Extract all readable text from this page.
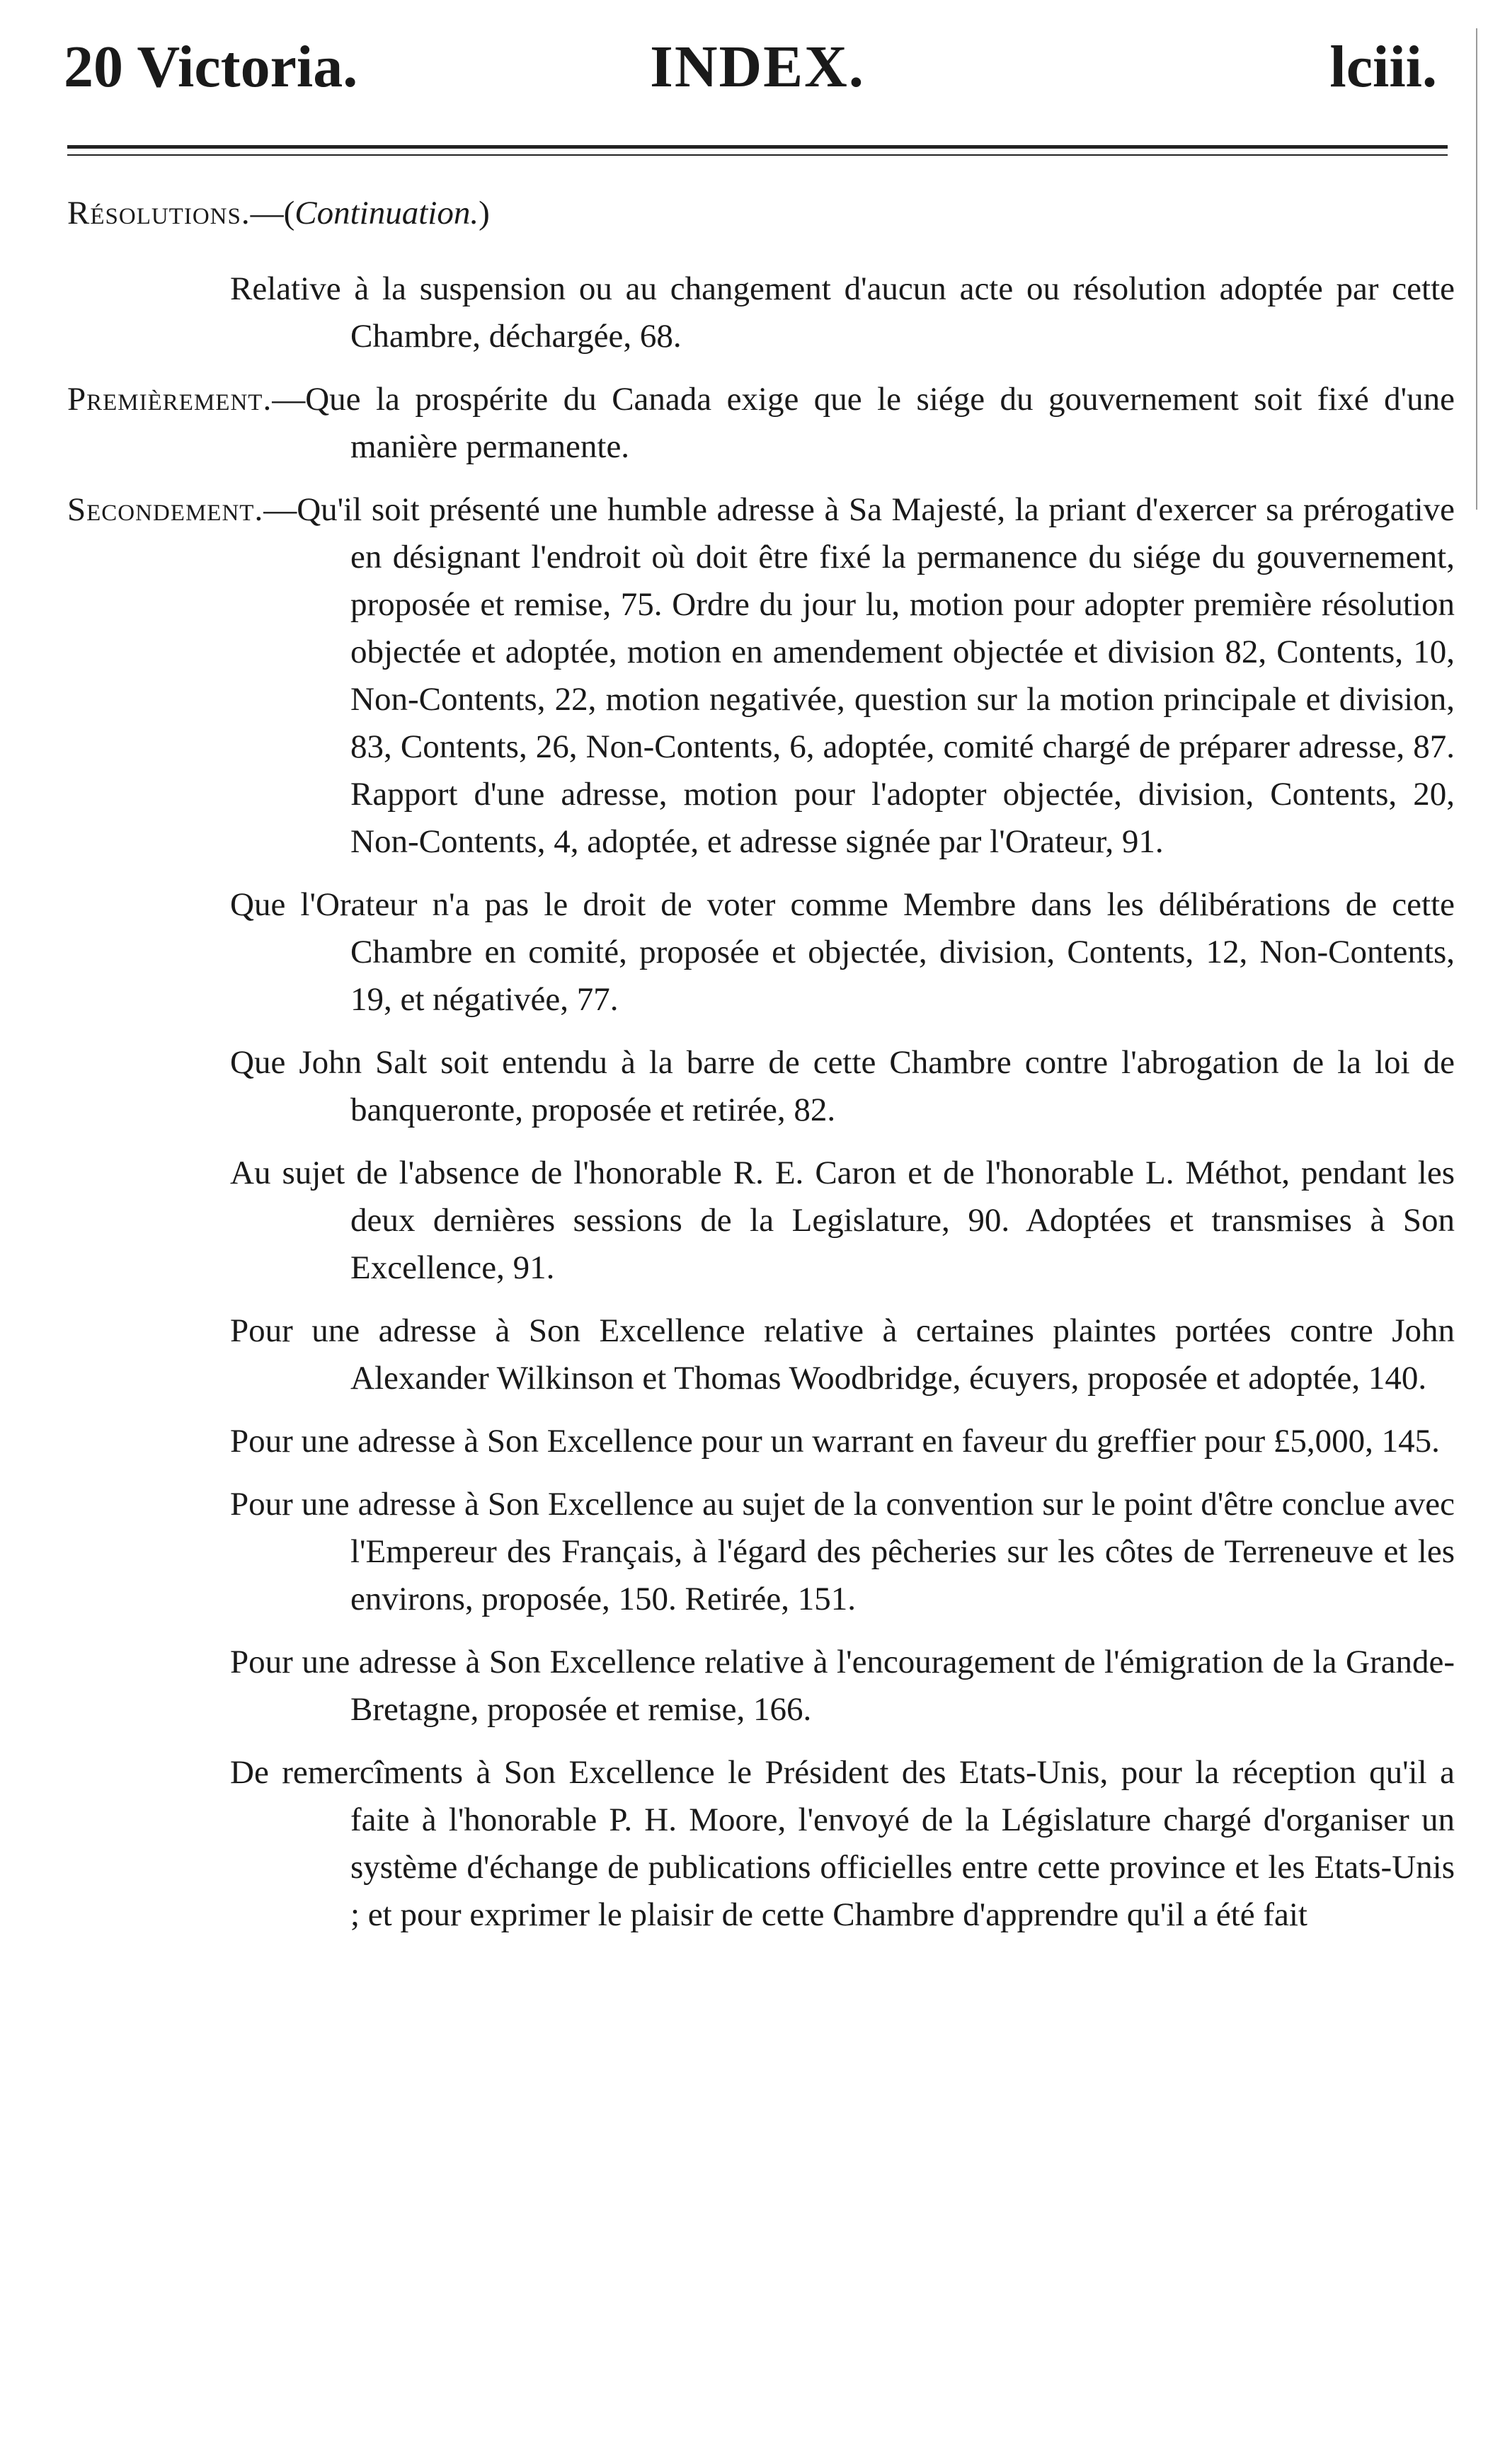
20 Victoria.	INDEX.	lciii.
Résolutions.—(Continuation.)
Relative à la suspension ou au changement d'aucun acte ou résolution adoptée par cette Chambre, déchargée, 68.
Premièrement.—Que la prospérite du Canada exige que le siége du gouvernement soit fixé d'une manière permanente.
Secondement.—Qu'il soit présenté une humble adresse à Sa Majesté, la priant d'exercer sa prérogative en désignant l'endroit où doit être fixé la permanence du siége du gouvernement, proposée et remise, 75. Ordre du jour lu, motion pour adopter première résolution objectée et adoptée, motion en amendement objectée et division 82, Contents, 10, Non-Contents, 22, motion negativée, question sur la motion principale et division, 83, Contents, 26, Non-Contents, 6, adoptée, comité chargé de préparer adresse, 87. Rapport d'une adresse, motion pour l'adopter objectée, division, Contents, 20, Non-Contents, 4, adoptée, et adresse signée par l'Orateur, 91.
Que l'Orateur n'a pas le droit de voter comme Membre dans les délibérations de cette Chambre en comité, proposée et objectée, division, Contents, 12, Non-Contents, 19, et négativée, 77.
Que John Salt soit entendu à la barre de cette Chambre contre l'abrogation de la loi de banqueronte, proposée et retirée, 82.
Au sujet de l'absence de l'honorable R. E. Caron et de l'honorable L. Méthot, pendant les deux dernières sessions de la Legislature, 90. Adoptées et transmises à Son Excellence, 91.
Pour une adresse à Son Excellence relative à certaines plaintes portées contre John Alexander Wilkinson et Thomas Woodbridge, écuyers, proposée et adoptée, 140.
Pour une adresse à Son Excellence pour un warrant en faveur du greffier pour £5,000, 145.
Pour une adresse à Son Excellence au sujet de la convention sur le point d'être conclue avec l'Empereur des Français, à l'égard des pêcheries sur les côtes de Terreneuve et les environs, proposée, 150. Retirée, 151.
Pour une adresse à Son Excellence relative à l'encouragement de l'émigration de la Grande-Bretagne, proposée et remise, 166.
De remercîments à Son Excellence le Président des Etats-Unis, pour la réception qu'il a faite à l'honorable P. H. Moore, l'envoyé de la Législature chargé d'organiser un système d'échange de publications officielles entre cette province et les Etats-Unis ; et pour exprimer le plaisir de cette Chambre d'apprendre qu'il a été fait
